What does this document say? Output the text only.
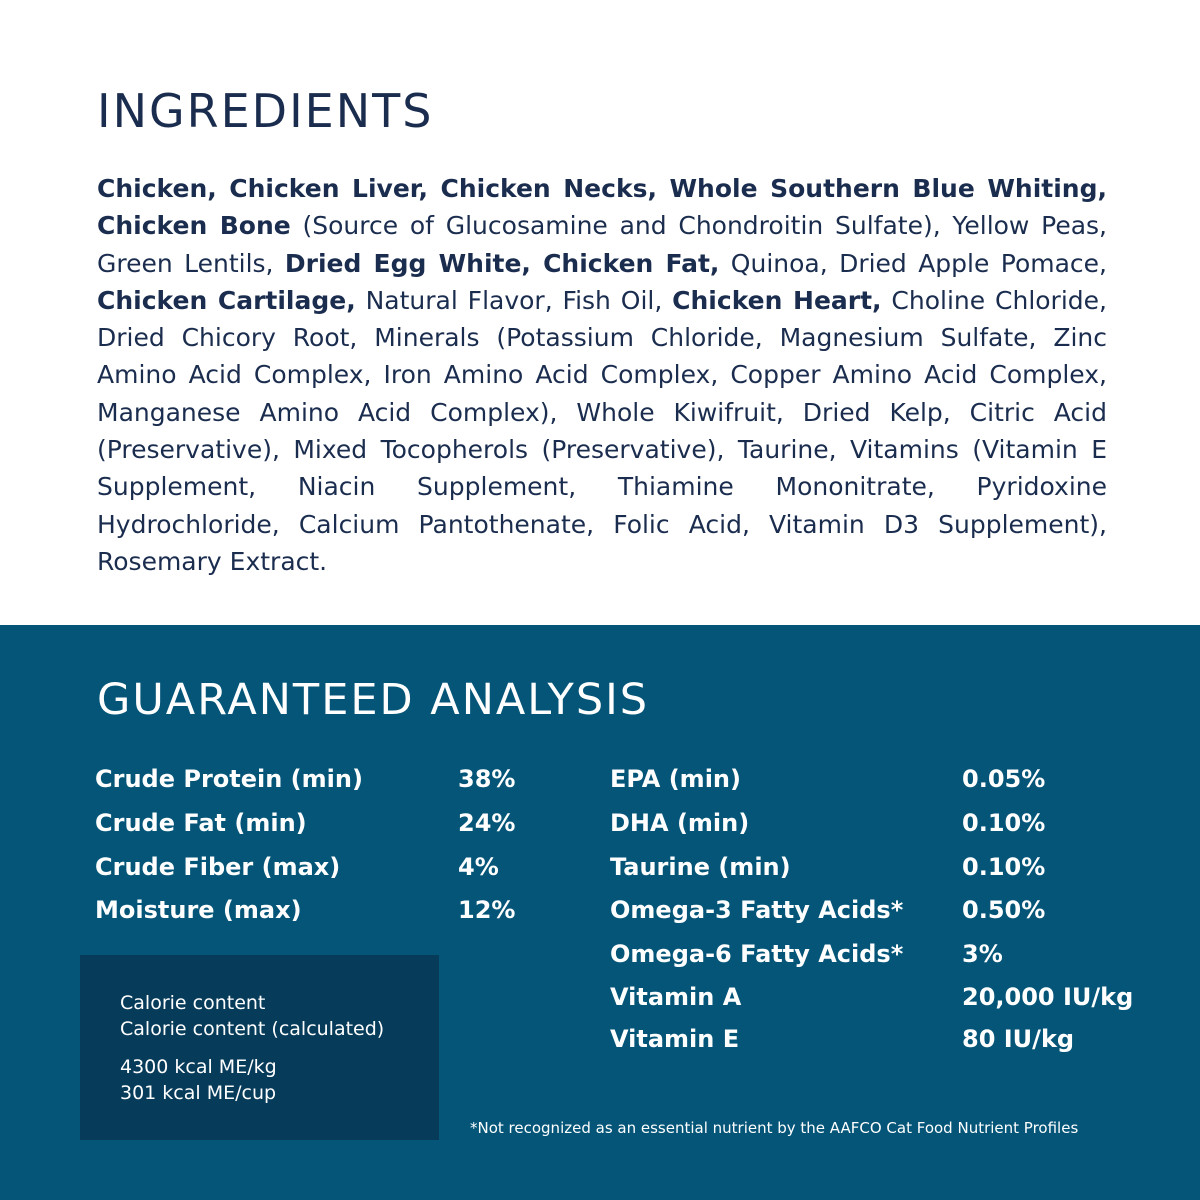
INGREDIENTS

Chicken, Chicken Liver, Chicken Necks, Whole Southern Blue Whiting, Chicken Bone (Source of Glucosamine and Chondroitin Sulfate), Yellow Peas, Green Lentils, Dried Egg White, Chicken Fat, Quinoa, Dried Apple Pomace, Chicken Cartilage, Natural Flavor, Fish Oil, Chicken Heart, Choline Chloride, Dried Chicory Root, Minerals (Potassium Chloride, Magnesium Sulfate, Zinc Amino Acid Complex, Iron Amino Acid Complex, Copper Amino Acid Complex, Manganese Amino Acid Complex), Whole Kiwifruit, Dried Kelp, Citric Acid (Preservative), Mixed Tocopherols (Preservative), Taurine, Vitamins (Vitamin E Supplement, Niacin Supplement, Thiamine Mononitrate, Pyridoxine Hydrochloride, Calcium Pantothenate, Folic Acid, Vitamin D3 Supplement), Rosemary Extract.

GUARANTEED ANALYSIS
Crude Protein (min)	38%
Crude Fat (min)	24%
Crude Fiber (max)	4%
Moisture (max)	12%
EPA (min)	0.05%
DHA (min)	0.10%
Taurine (min)	0.10%
Omega-3 Fatty Acids* 0.50%
Omega-6 Fatty Acids* 3%
Vitamin A	20,000 IU/kg
Vitamin E	80 IU/kg
Calorie content
Calorie content (calculated)
4300 kcal ME/kg
301 kcal ME/cup
*Not recognized as an essential nutrient by the AAFCO Cat Food Nutrient Profiles
